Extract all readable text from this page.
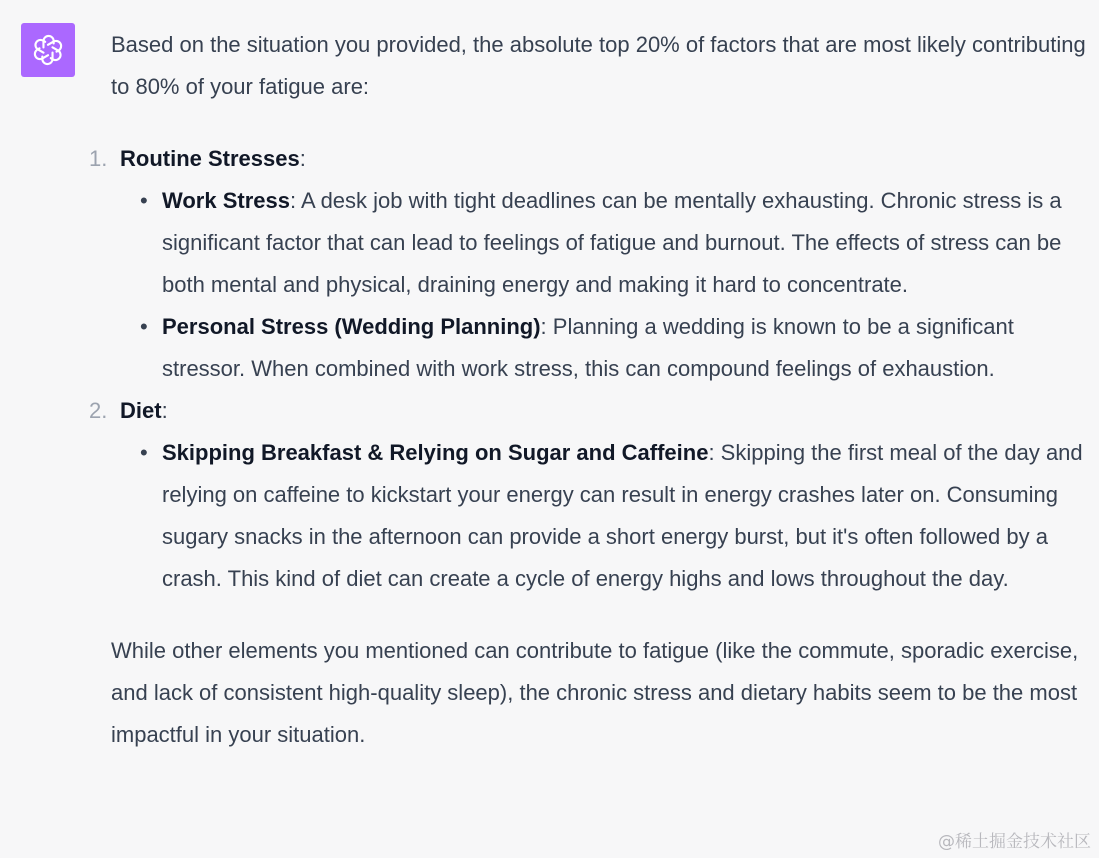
Based on the situation you provided, the absolute top 20% of factors that are most likely contributing to 80% of your fatigue are:

1. Routine Stresses:
• Work Stress: A desk job with tight deadlines can be mentally exhausting. Chronic stress is a significant factor that can lead to feelings of fatigue and burnout. The effects of stress can be both mental and physical, draining energy and making it hard to concentrate.
• Personal Stress (Wedding Planning): Planning a wedding is known to be a significant stressor. When combined with work stress, this can compound feelings of exhaustion.
2. Diet:
• Skipping Breakfast & Relying on Sugar and Caffeine: Skipping the first meal of the day and relying on caffeine to kickstart your energy can result in energy crashes later on. Consuming sugary snacks in the afternoon can provide a short energy burst, but it's often followed by a crash. This kind of diet can create a cycle of energy highs and lows throughout the day.

While other elements you mentioned can contribute to fatigue (like the commute, sporadic exercise, and lack of consistent high-quality sleep), the chronic stress and dietary habits seem to be the most impactful in your situation.

@稀土掘金技术社区
